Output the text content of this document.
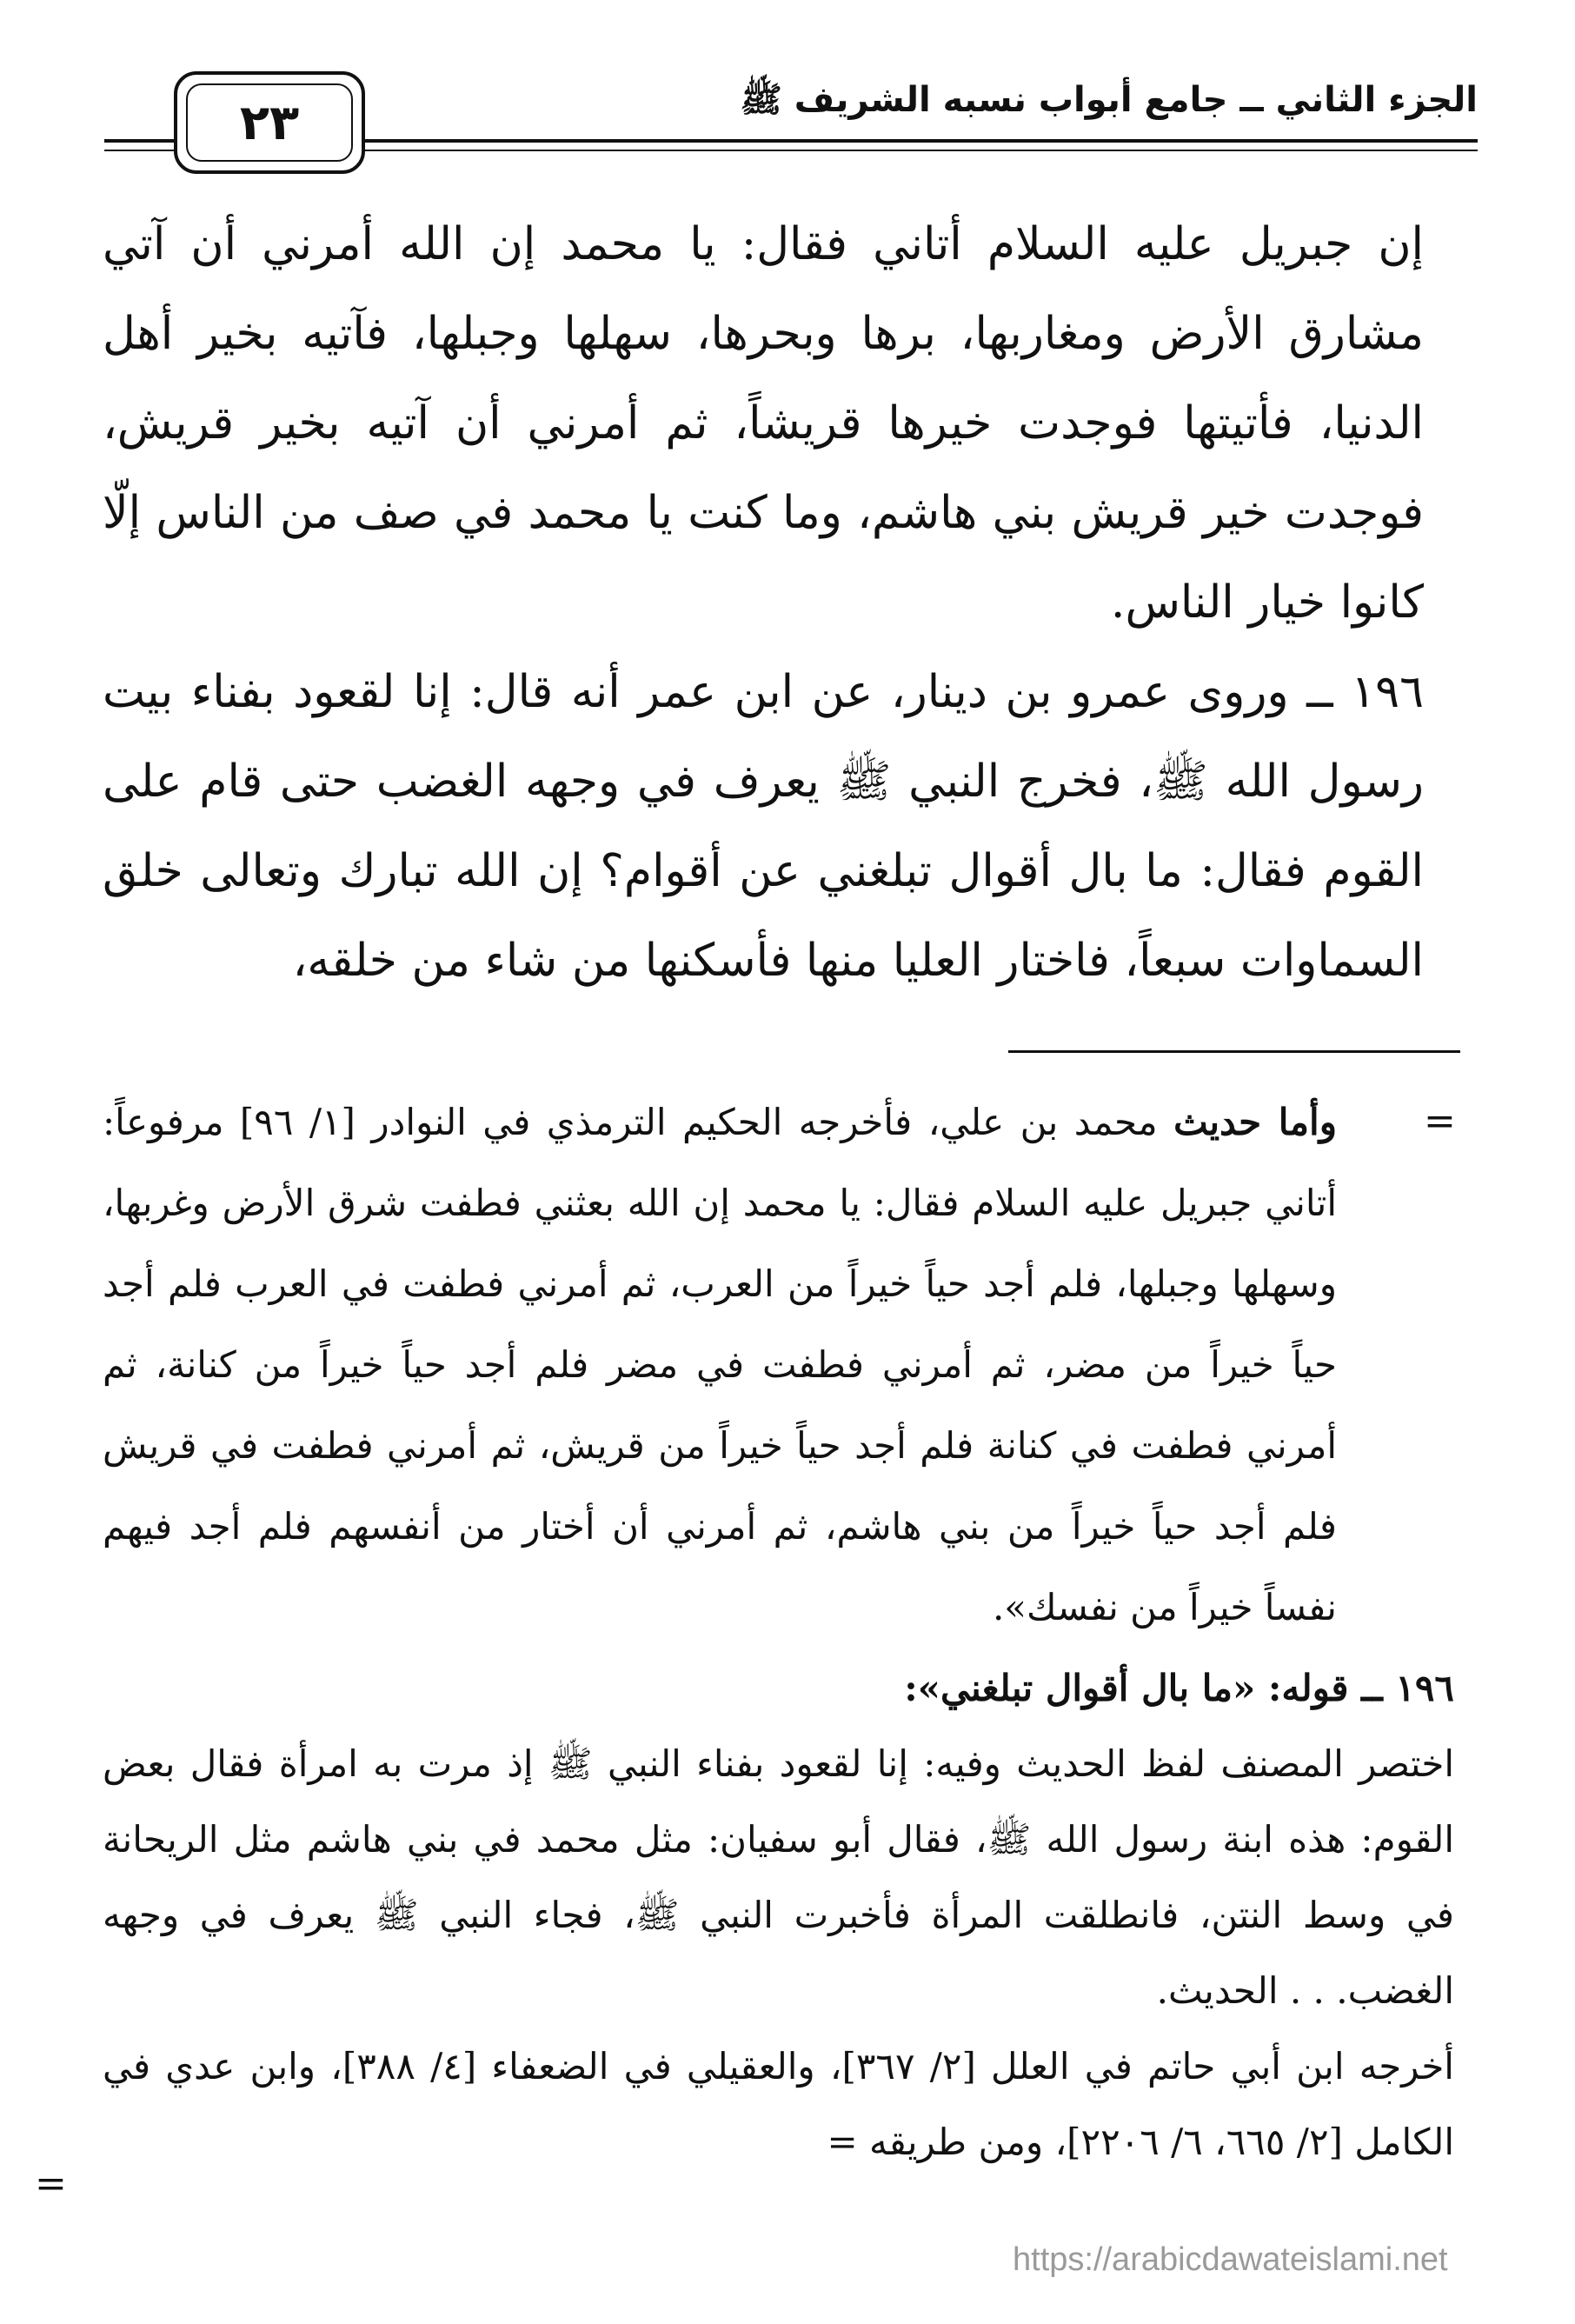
٢٣	الجزء الثاني ــ جامع أبواب نسبه الشريف ﷺ

إن جبريل عليه السلام أتاني فقال: يا محمد إن الله أمرني أن آتي مشارق الأرض ومغاربها، برها وبحرها، سهلها وجبلها، فآتيه بخير أهل الدنيا، فأتيتها فوجدت خيرها قريشاً، ثم أمرني أن آتيه بخير قريش، فوجدت خير قريش بني هاشم، وما كنت يا محمد في صف من الناس إلّا كانوا خيار الناس.

١٩٦ ــ وروى عمرو بن دينار، عن ابن عمر أنه قال: إنا لقعود بفناء بيت رسول الله ﷺ، فخرج النبي ﷺ يعرف في وجهه الغضب حتى قام على القوم فقال: ما بال أقوال تبلغني عن أقوام؟ إن الله تبارك وتعالى خلق السماوات سبعاً، فاختار العليا منها فأسكنها من شاء من خلقه،

=

وأما حديث محمد بن علي، فأخرجه الحكيم الترمذي في النوادر [١/ ٩٦] مرفوعاً: أتاني جبريل عليه السلام فقال: يا محمد إن الله بعثني فطفت شرق الأرض وغربها، وسهلها وجبلها، فلم أجد حياً خيراً من العرب، ثم أمرني فطفت في العرب فلم أجد حياً خيراً من مضر، ثم أمرني فطفت في مضر فلم أجد حياً خيراً من كنانة، ثم أمرني فطفت في كنانة فلم أجد حياً خيراً من قريش، ثم أمرني فطفت في قريش فلم أجد حياً خيراً من بني هاشم، ثم أمرني أن أختار من أنفسهم فلم أجد فيهم نفساً خيراً من نفسك».

١٩٦ ــ قوله: «ما بال أقوال تبلغني»:

اختصر المصنف لفظ الحديث وفيه: إنا لقعود بفناء النبي ﷺ إذ مرت به امرأة فقال بعض القوم: هذه ابنة رسول الله ﷺ، فقال أبو سفيان: مثل محمد في بني هاشم مثل الريحانة في وسط النتن، فانطلقت المرأة فأخبرت النبي ﷺ، فجاء النبي ﷺ يعرف في وجهه الغضب. . . الحديث.

أخرجه ابن أبي حاتم في العلل [٢/ ٣٦٧]، والعقيلي في الضعفاء [٤/ ٣٨٨]، وابن عدي في الكامل [٢/ ٦٦٥، ٦/ ٢٢٠٦]، ومن طريقه =

=
https://arabicdawateislami.net
